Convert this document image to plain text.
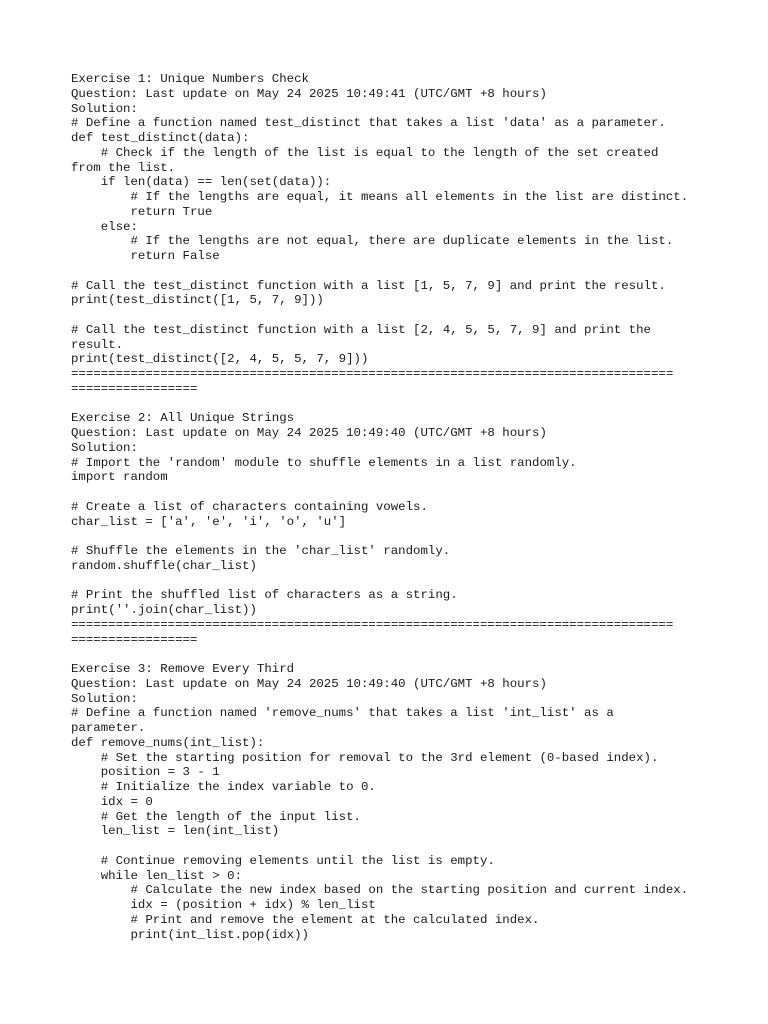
Exercise 1: Unique Numbers Check
Question: Last update on May 24 2025 10:49:41 (UTC/GMT +8 hours)
Solution:
# Define a function named test_distinct that takes a list 'data' as a parameter.
def test_distinct(data):
# Check if the length of the list is equal to the length of the set created
from the list.
if len(data) == len(set(data)):
# If the lengths are equal, it means all elements in the list are distinct.
return True
else:
# If the lengths are not equal, there are duplicate elements in the list.
return False
# Call the test_distinct function with a list [1, 5, 7, 9] and print the result.
print(test_distinct([1, 5, 7, 9]))
# Call the test_distinct function with a list [2, 4, 5, 5, 7, 9] and print the
result.
print(test_distinct([2, 4, 5, 5, 7, 9]))
=================================================================================
=================
Exercise 2: All Unique Strings
Question: Last update on May 24 2025 10:49:40 (UTC/GMT +8 hours)
Solution:
# Import the 'random' module to shuffle elements in a list randomly.
import random
# Create a list of characters containing vowels.
char_list = ['a', 'e', 'i', 'o', 'u']
# Shuffle the elements in the 'char_list' randomly.
random.shuffle(char_list)
# Print the shuffled list of characters as a string.
print(''.join(char_list))
=================================================================================
=================
Exercise 3: Remove Every Third
Question: Last update on May 24 2025 10:49:40 (UTC/GMT +8 hours)
Solution:
# Define a function named 'remove_nums' that takes a list 'int_list' as a
parameter.
def remove_nums(int_list):
# Set the starting position for removal to the 3rd element (0-based index).
position = 3 - 1
# Initialize the index variable to 0.
idx = 0
# Get the length of the input list.
len_list = len(int_list)
# Continue removing elements until the list is empty.
while len_list > 0:
# Calculate the new index based on the starting position and current index.
idx = (position + idx) % len_list
# Print and remove the element at the calculated index.
print(int_list.pop(idx))
